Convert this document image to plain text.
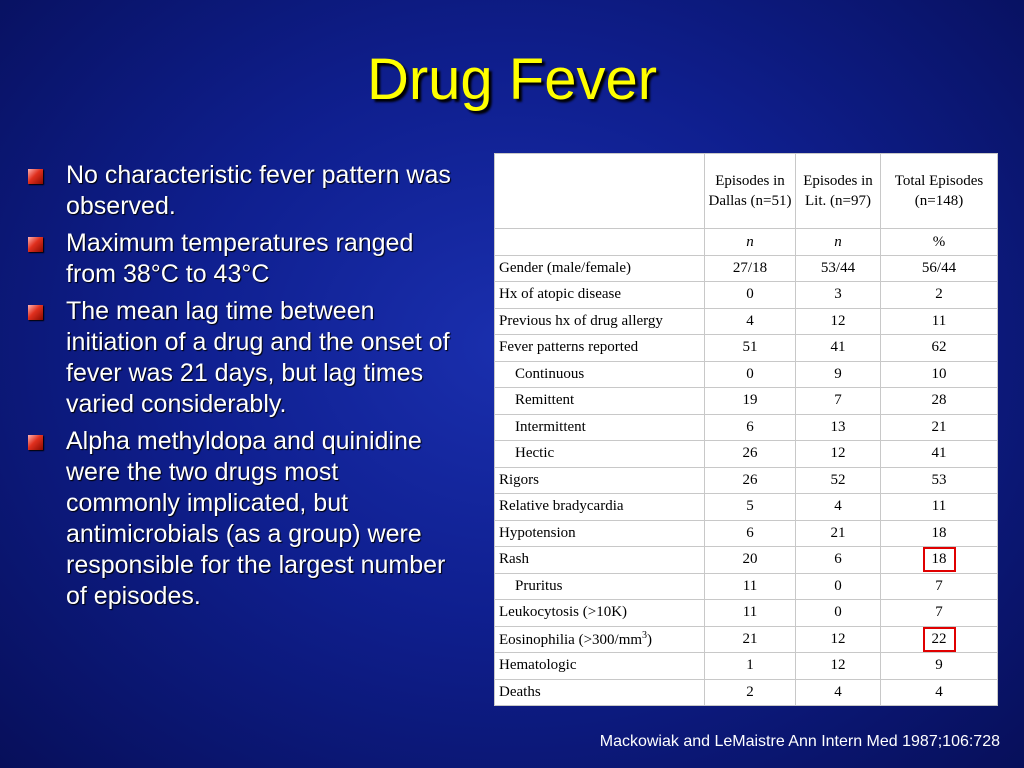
Drug Fever
No characteristic fever pattern was observed.
Maximum temperatures ranged from 38°C to 43°C
The mean lag time between initiation of a drug and the onset of fever was 21 days, but lag times varied considerably.
Alpha methyldopa and quinidine were the two drugs most commonly implicated, but antimicrobials (as a group) were responsible for the largest number of episodes.
	Episodes in Dallas (n=51)	Episodes in Lit. (n=97)	Total Episodes (n=148)
	n	n	%
Gender (male/female)	27/18	53/44	56/44
Hx of atopic disease	0	3	2
Previous hx of drug allergy	4	12	11
Fever patterns reported	51	41	62
Continuous	0	9	10
Remittent	19	7	28
Intermittent	6	13	21
Hectic	26	12	41
Rigors	26	52	53
Relative bradycardia	5	4	11
Hypotension	6	21	18
Rash	20	6	18
Pruritus	11	0	7
Leukocytosis (>10K)	11	0	7
Eosinophilia $(>300/mm^3)$	21	12	22
Hematologic	1	12	9
Deaths	2	4	4
Mackowiak and LeMaistre Ann Intern Med 1987;106:728
